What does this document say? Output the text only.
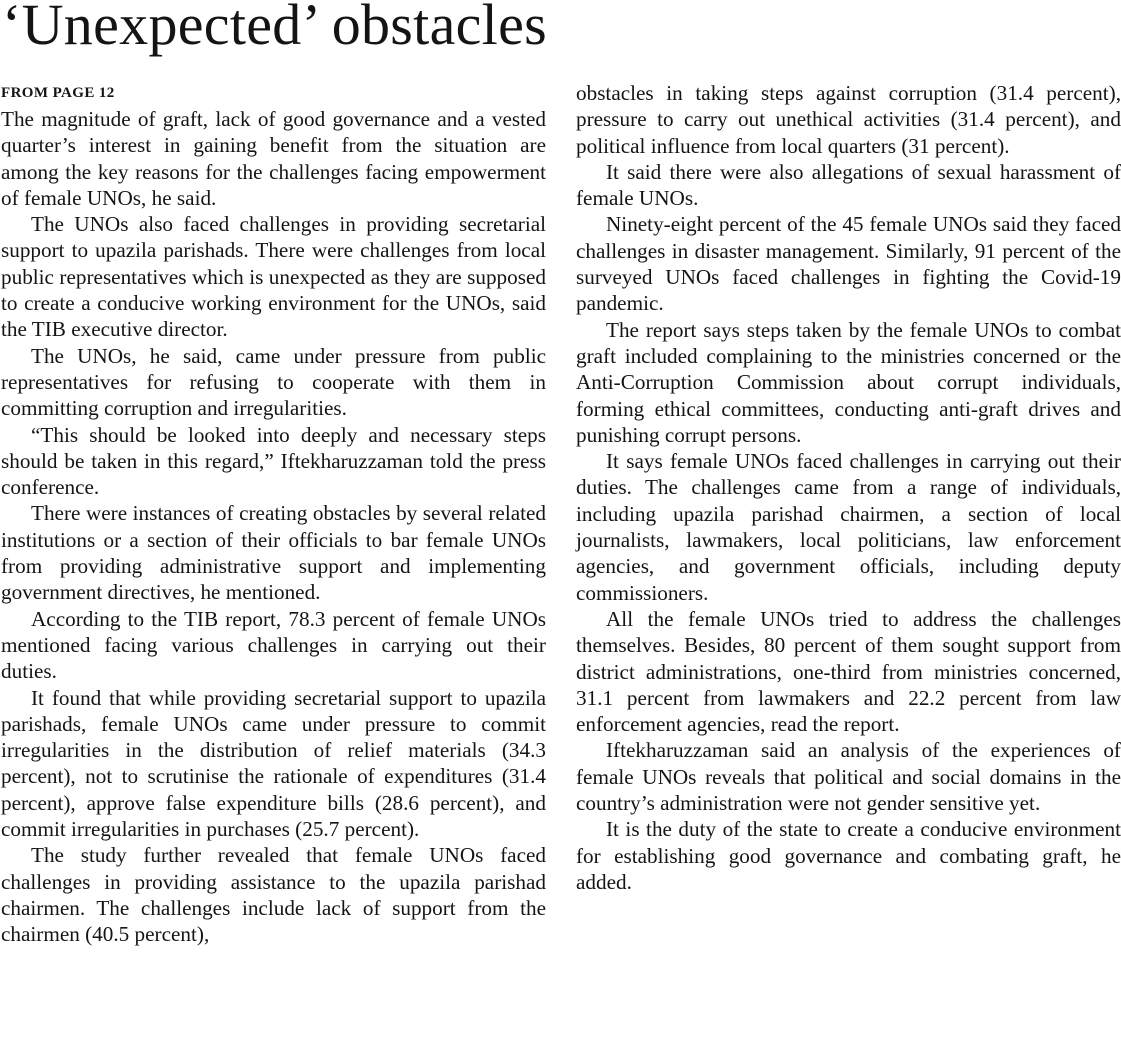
‘Unexpected’ obstacles
FROM PAGE 12

The magnitude of graft, lack of good governance and a vested quarter’s interest in gaining benefit from the situation are among the key reasons for the challenges facing empowerment of female UNOs, he said.

The UNOs also faced challenges in providing secretarial support to upazila parishads. There were challenges from local public representatives which is unexpected as they are supposed to create a conducive working environment for the UNOs, said the TIB executive director.

The UNOs, he said, came under pressure from public representatives for refusing to cooperate with them in committing corruption and irregularities.

“This should be looked into deeply and necessary steps should be taken in this regard,” Iftekharuzzaman told the press conference.

There were instances of creating obstacles by several related institutions or a section of their officials to bar female UNOs from providing administrative support and implementing government directives, he mentioned.

According to the TIB report, 78.3 percent of female UNOs mentioned facing various challenges in carrying out their duties.

It found that while providing secretarial support to upazila parishads, female UNOs came under pressure to commit irregularities in the distribution of relief materials (34.3 percent), not to scrutinise the rationale of expenditures (31.4 percent), approve false expenditure bills (28.6 percent), and commit irregularities in purchases (25.7 percent).

The study further revealed that female UNOs faced challenges in providing assistance to the upazila parishad chairmen. The challenges include lack of support from the chairmen (40.5 percent),

obstacles in taking steps against corruption (31.4 percent), pressure to carry out unethical activities (31.4 percent), and political influence from local quarters (31 percent).

It said there were also allegations of sexual harassment of female UNOs.

Ninety-eight percent of the 45 female UNOs said they faced challenges in disaster management. Similarly, 91 percent of the surveyed UNOs faced challenges in fighting the Covid-19 pandemic.

The report says steps taken by the female UNOs to combat graft included complaining to the ministries concerned or the Anti-Corruption Commission about corrupt individuals, forming ethical committees, conducting anti-graft drives and punishing corrupt persons.

It says female UNOs faced challenges in carrying out their duties. The challenges came from a range of individuals, including upazila parishad chairmen, a section of local journalists, lawmakers, local politicians, law enforcement agencies, and government officials, including deputy commissioners.

All the female UNOs tried to address the challenges themselves. Besides, 80 percent of them sought support from district administrations, one-third from ministries concerned, 31.1 percent from lawmakers and 22.2 percent from law enforcement agencies, read the report.

Iftekharuzzaman said an analysis of the experiences of female UNOs reveals that political and social domains in the country’s administration were not gender sensitive yet.

It is the duty of the state to create a conducive environment for establishing good governance and combating graft, he added.
